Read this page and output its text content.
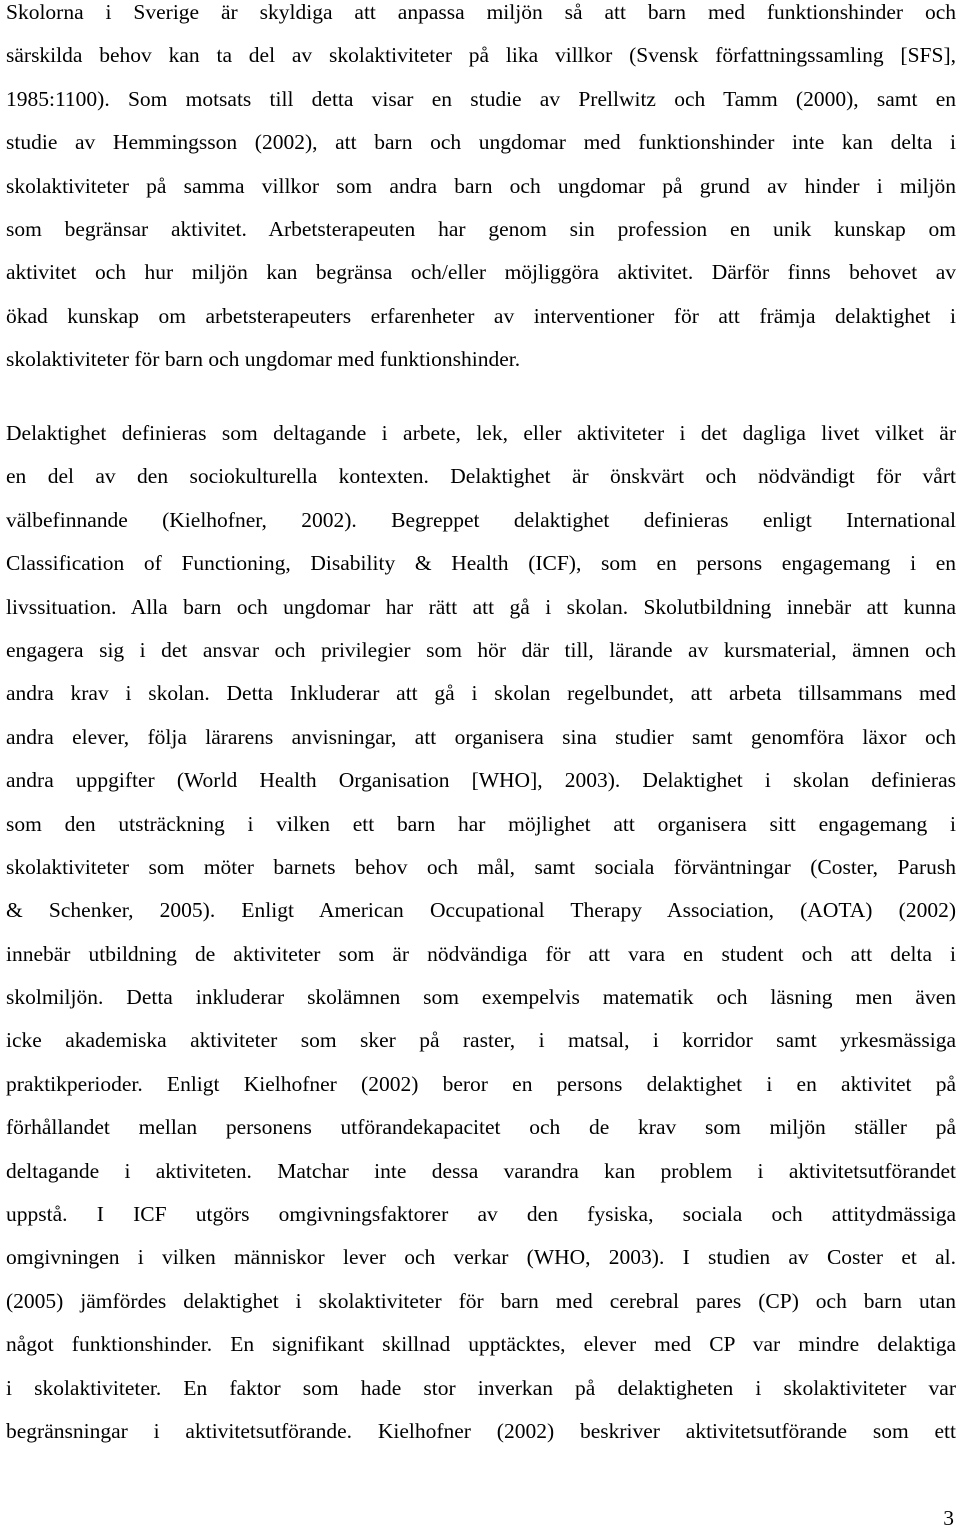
Skolorna i Sverige är skyldiga att anpassa miljön så att barn med funktionshinder och
särskilda behov kan ta del av skolaktiviteter på lika villkor (Svensk författningssamling [SFS],
1985:1100). Som motsats till detta visar en studie av Prellwitz och Tamm (2000), samt en
studie av Hemmingsson (2002), att barn och ungdomar med funktionshinder inte kan delta i
skolaktiviteter på samma villkor som andra barn och ungdomar på grund av hinder i miljön
som begränsar aktivitet. Arbetsterapeuten har genom sin profession en unik kunskap om
aktivitet och hur miljön kan begränsa och/eller möjliggöra aktivitet. Därför finns behovet av
ökad kunskap om arbetsterapeuters erfarenheter av interventioner för att främja delaktighet i
skolaktiviteter för barn och ungdomar med funktionshinder.
Delaktighet definieras som deltagande i arbete, lek, eller aktiviteter i det dagliga livet vilket är
en del av den sociokulturella kontexten. Delaktighet är önskvärt och nödvändigt för vårt
välbefinnande (Kielhofner, 2002). Begreppet delaktighet definieras enligt International
Classification of Functioning, Disability & Health (ICF), som en persons engagemang i en
livssituation. Alla barn och ungdomar har rätt att gå i skolan. Skolutbildning innebär att kunna
engagera sig i det ansvar och privilegier som hör där till, lärande av kursmaterial, ämnen och
andra krav i skolan. Detta Inkluderar att gå i skolan regelbundet, att arbeta tillsammans med
andra elever, följa lärarens anvisningar, att organisera sina studier samt genomföra läxor och
andra uppgifter (World Health Organisation [WHO], 2003). Delaktighet i skolan definieras
som den utsträckning i vilken ett barn har möjlighet att organisera sitt engagemang i
skolaktiviteter som möter barnets behov och mål, samt sociala förväntningar (Coster, Parush
& Schenker, 2005). Enligt American Occupational Therapy Association, (AOTA) (2002)
innebär utbildning de aktiviteter som är nödvändiga för att vara en student och att delta i
skolmiljön. Detta inkluderar skolämnen som exempelvis matematik och läsning men även
icke akademiska aktiviteter som sker på raster, i matsal, i korridor samt yrkesmässiga
praktikperioder. Enligt Kielhofner (2002) beror en persons delaktighet i en aktivitet på
förhållandet mellan personens utförandekapacitet och de krav som miljön ställer på
deltagande i aktiviteten. Matchar inte dessa varandra kan problem i aktivitetsutförandet
uppstå. I ICF utgörs omgivningsfaktorer av den fysiska, sociala och attitydmässiga
omgivningen i vilken människor lever och verkar (WHO, 2003). I studien av Coster et al.
(2005) jämfördes delaktighet i skolaktiviteter för barn med cerebral pares (CP) och barn utan
något funktionshinder. En signifikant skillnad upptäcktes, elever med CP var mindre delaktiga
i skolaktiviteter. En faktor som hade stor inverkan på delaktigheten i skolaktiviteter var
begränsningar i aktivitetsutförande. Kielhofner (2002) beskriver aktivitetsutförande som ett
3
